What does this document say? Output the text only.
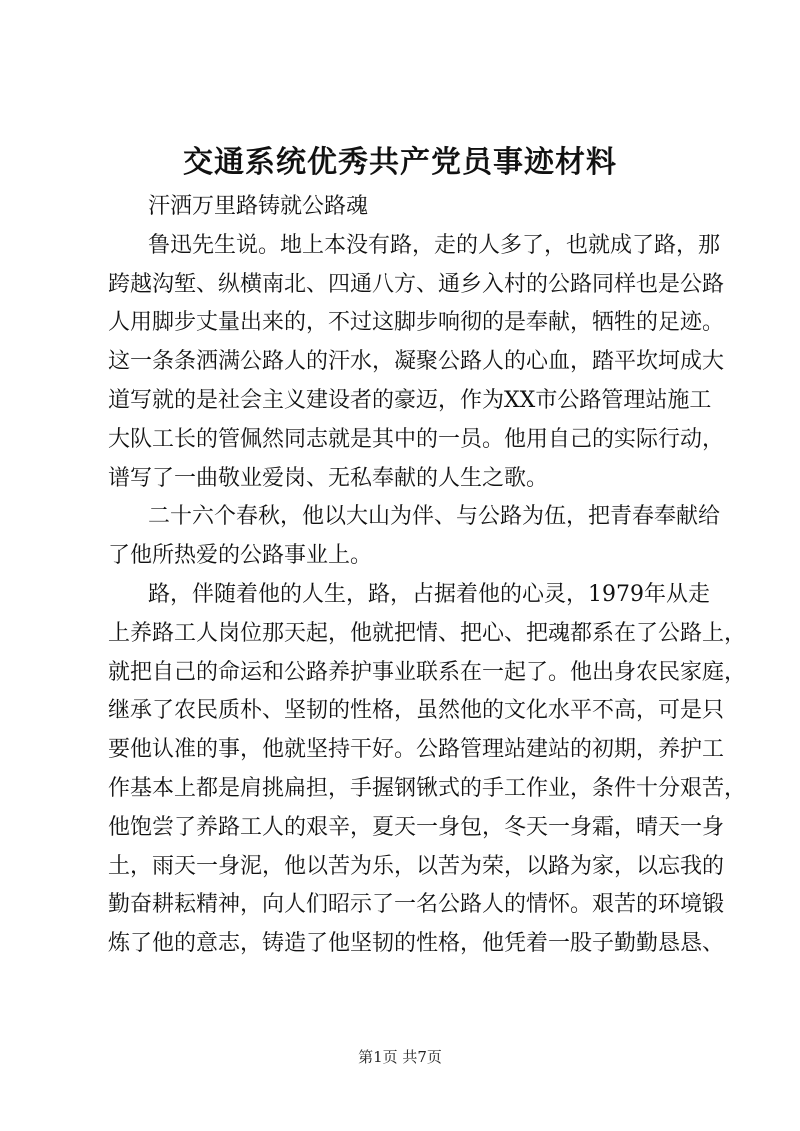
交通系统优秀共产党员事迹材料
汗洒万里路铸就公路魂
鲁迅先生说。地上本没有路，走的人多了，也就成了路，那
跨越沟堑、纵横南北、四通八方、通乡入村的公路同样也是公路
人用脚步丈量出来的，不过这脚步响彻的是奉献，牺牲的足迹。
这一条条洒满公路人的汗水，凝聚公路人的心血，踏平坎坷成大
道写就的是社会主义建设者的豪迈，作为XX市公路管理站施工
大队工长的管佩然同志就是其中的一员。他用自己的实际行动，
谱写了一曲敬业爱岗、无私奉献的人生之歌。
二十六个春秋，他以大山为伴、与公路为伍，把青春奉献给
了他所热爱的公路事业上。
路，伴随着他的人生，路，占据着他的心灵，1979年从走
上养路工人岗位那天起，他就把情、把心、把魂都系在了公路上，
就把自己的命运和公路养护事业联系在一起了。他出身农民家庭，
继承了农民质朴、坚韧的性格，虽然他的文化水平不高，可是只
要他认准的事，他就坚持干好。公路管理站建站的初期，养护工
作基本上都是肩挑扁担，手握钢锹式的手工作业，条件十分艰苦，
他饱尝了养路工人的艰辛，夏天一身包，冬天一身霜，晴天一身
土，雨天一身泥，他以苦为乐，以苦为荣，以路为家，以忘我的
勤奋耕耘精神，向人们昭示了一名公路人的情怀。艰苦的环境锻
炼了他的意志，铸造了他坚韧的性格，他凭着一股子勤勤恳恳、
第1页 共7页
